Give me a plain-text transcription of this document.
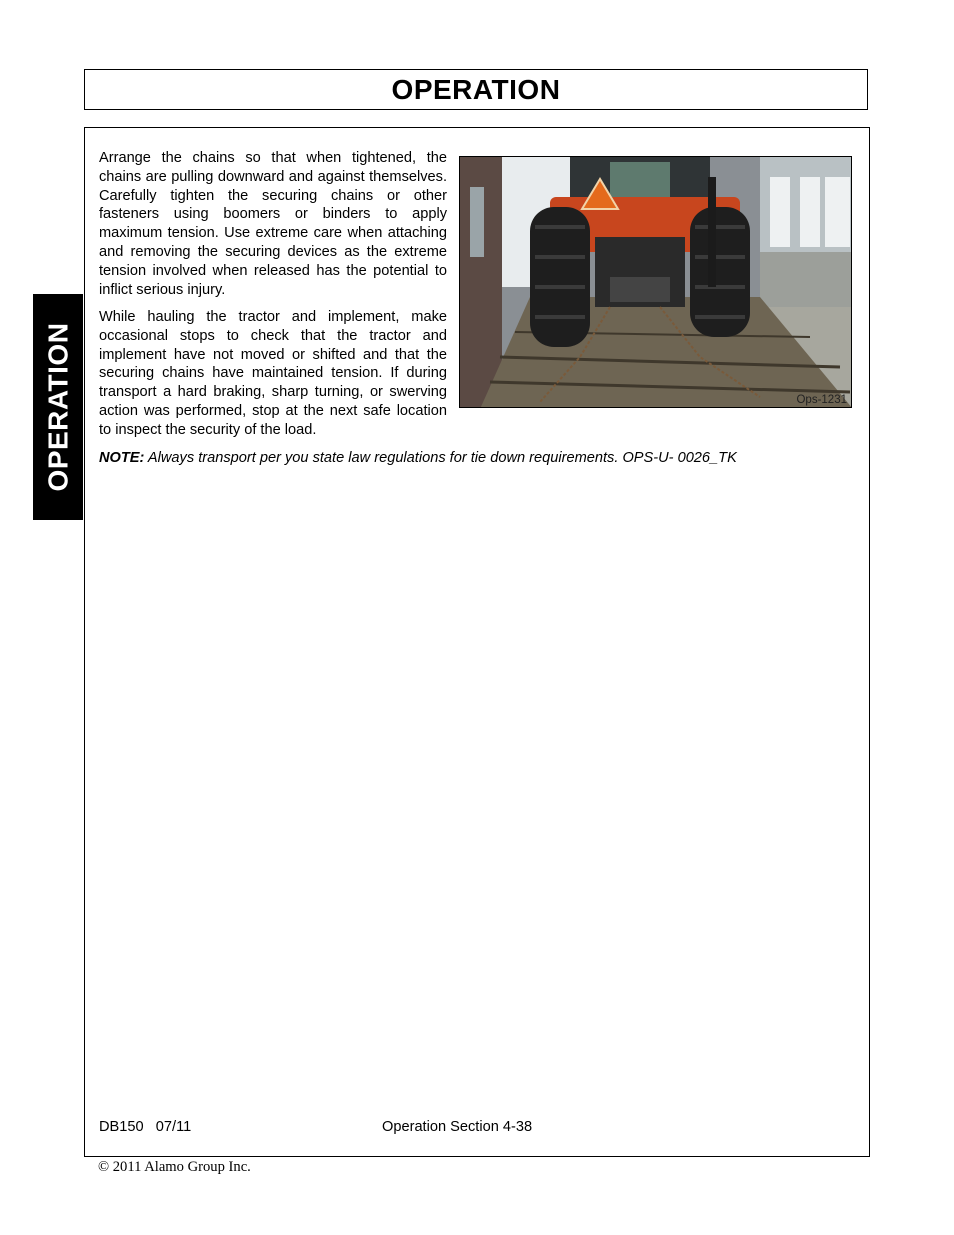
OPERATION
OPERATION

Arrange the chains so that when tightened, the chains are pulling downward and against themselves. Carefully tighten the securing chains or other fasteners using boomers or binders to apply maximum tension. Use extreme care when attaching and removing the securing devices as the extreme tension involved when released has the potential to inflict serious injury.

While hauling the tractor and implement, make occasional stops to check that the tractor and implement have not moved or shifted and that the securing chains have maintained tension. If during transport a hard braking, sharp turning, or swerving action was performed, stop at the next safe location to inspect the security of the load.

Ops-1231

NOTE: Always transport per you state law regulations for tie down requirements. OPS-U- 0026_TK

DB150   07/11	Operation Section 4-38
© 2011 Alamo Group Inc.
